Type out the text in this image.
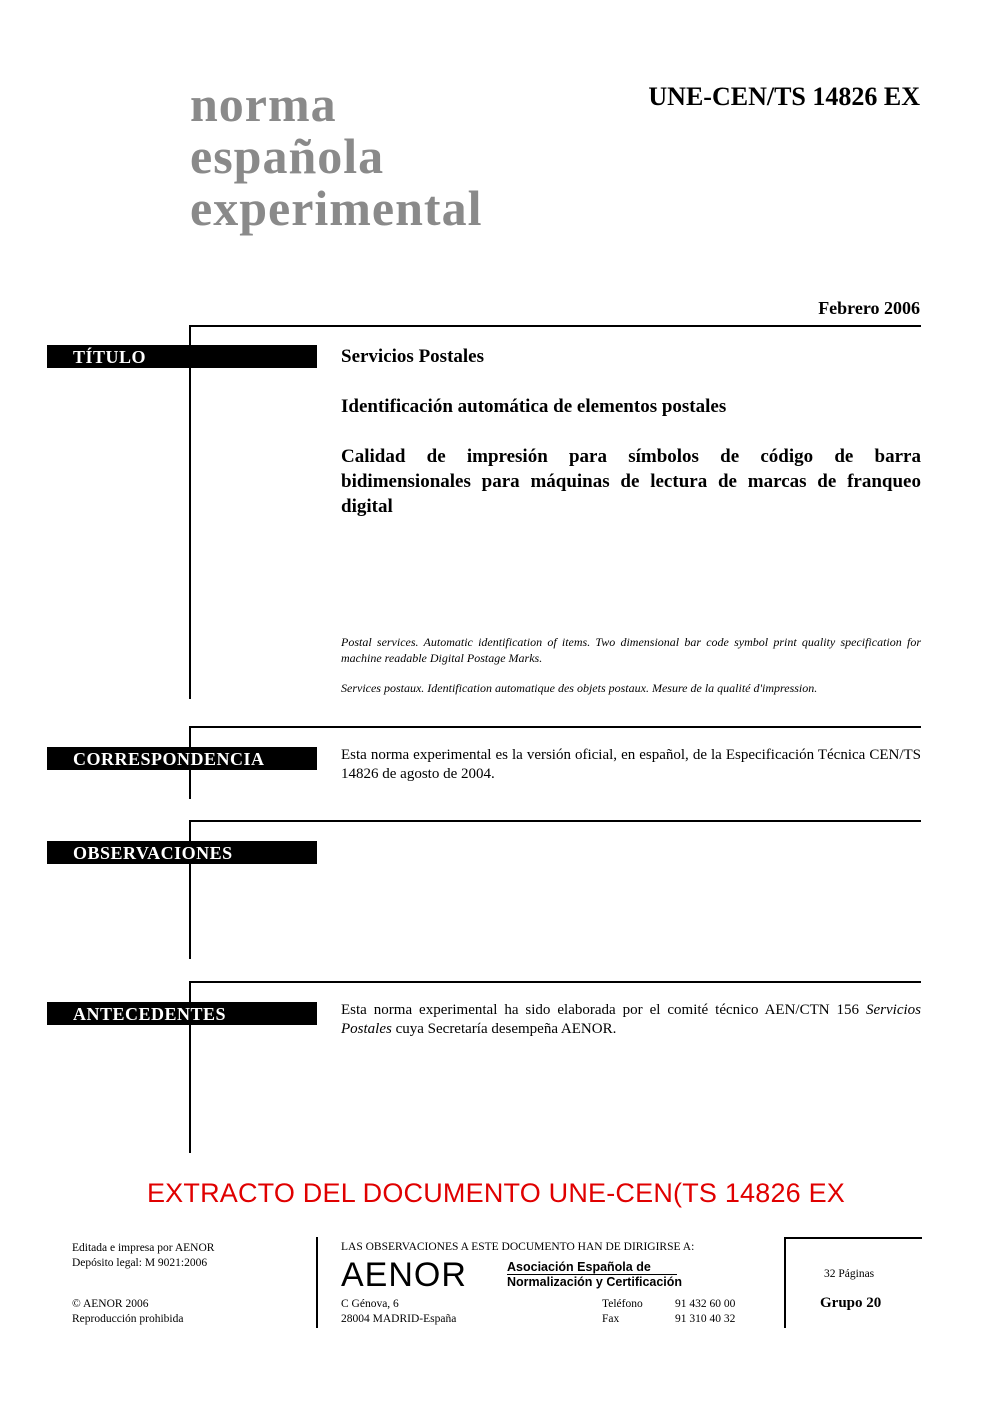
norma
española
experimental
UNE-CEN/TS 14826 EX
Febrero 2006
TÍTULO	Servicios Postales
Identificación automática de elementos postales
Calidad de impresión para símbolos de código de barra bidimensionales para máquinas de lectura de marcas de franqueo digital
Postal services. Automatic identification of items. Two dimensional bar code symbol print quality specification for machine readable Digital Postage Marks.
Services postaux. Identification automatique des objets postaux. Mesure de la qualité d'impression.
CORRESPONDENCIA	Esta norma experimental es la versión oficial, en español, de la Especificación Técnica CEN/TS 14826 de agosto de 2004.
OBSERVACIONES
ANTECEDENTES	Esta norma experimental ha sido elaborada por el comité técnico AEN/CTN 156 Servicios Postales cuya Secretaría desempeña AENOR.
EXTRACTO DEL DOCUMENTO UNE-CEN(TS 14826 EX
Editada e impresa por AENOR
Depósito legal: M 9021:2006
© AENOR 2006
Reproducción prohibida
LAS OBSERVACIONES A ESTE DOCUMENTO HAN DE DIRIGIRSE A:
AENOR	Asociación Española de
Normalización y Certificación
C Génova, 6
28004 MADRID-España
Teléfono	91 432 60 00
Fax	91 310 40 32
32 Páginas
Grupo 20
